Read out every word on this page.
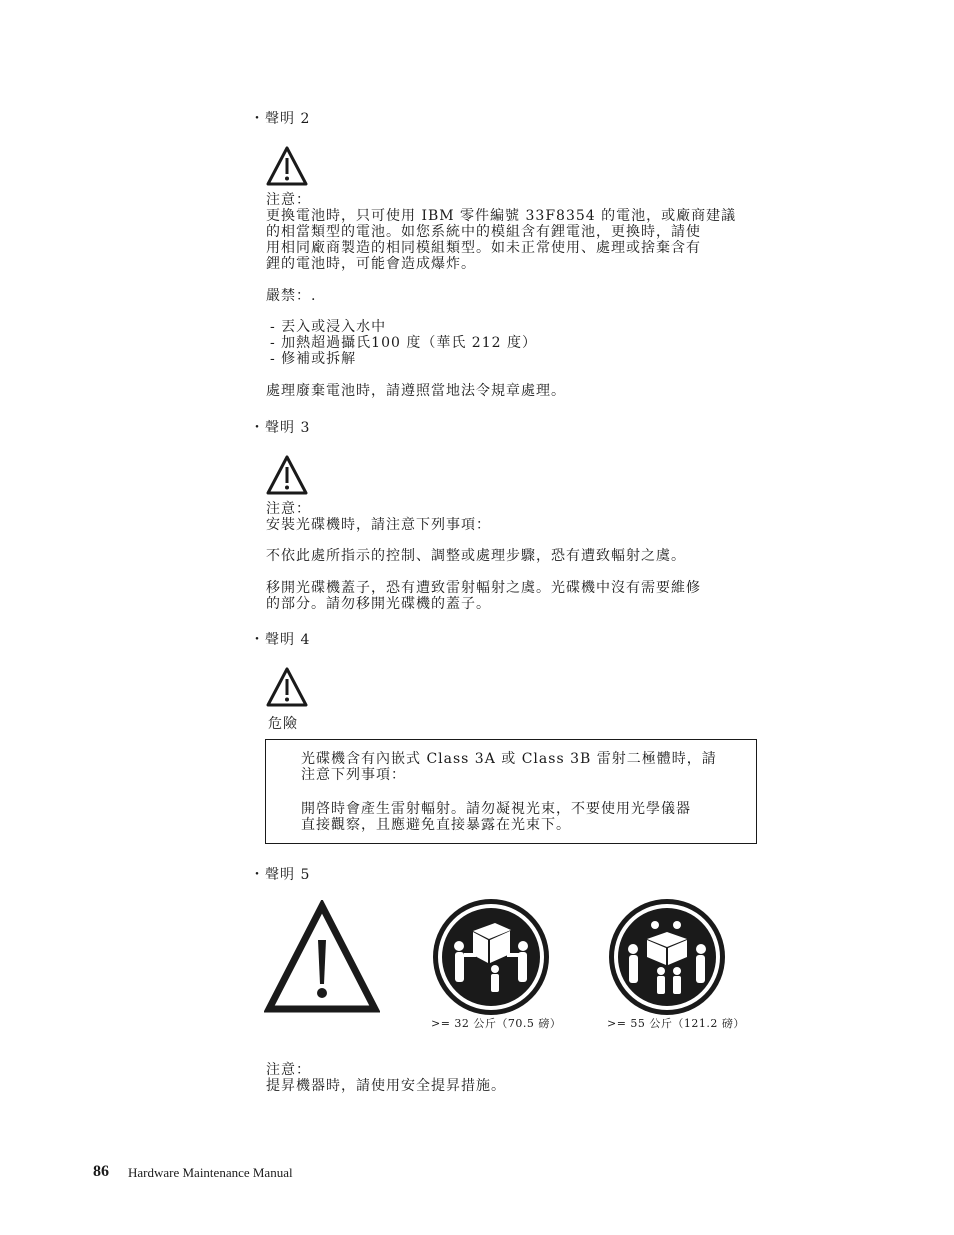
・聲明 2
注意：
更換電池時，只可使用 IBM 零件編號 33F8354 的電池，或廠商建議
的相當類型的電池。如您系統中的模組含有鋰電池，更換時，請使
用相同廠商製造的相同模組類型。如未正常使用、處理或捨棄含有
鋰的電池時，可能會造成爆炸。
嚴禁：.
- 丟入或浸入水中
- 加熱超過攝氏100 度（華氏 212 度）
- 修補或拆解
處理廢棄電池時，請遵照當地法令規章處理。
・聲明 3
注意：
安裝光碟機時，請注意下列事項：
不依此處所指示的控制、調整或處理步驟，恐有遭致輻射之虞。
移開光碟機蓋子，恐有遭致雷射輻射之虞。光碟機中沒有需要維修
的部分。請勿移開光碟機的蓋子。
・聲明 4
危險
光碟機含有內嵌式 Class 3A 或 Class 3B 雷射二極體時，請
注意下列事項：
開啓時會產生雷射輻射。請勿凝視光束，不要使用光學儀器
直接觀察，且應避免直接暴露在光束下。
・聲明 5
>= 32 公斤（70.5 磅）	>= 55 公斤（121.2 磅）
注意：
提昇機器時，請使用安全提昇措施。
86 Hardware Maintenance Manual
